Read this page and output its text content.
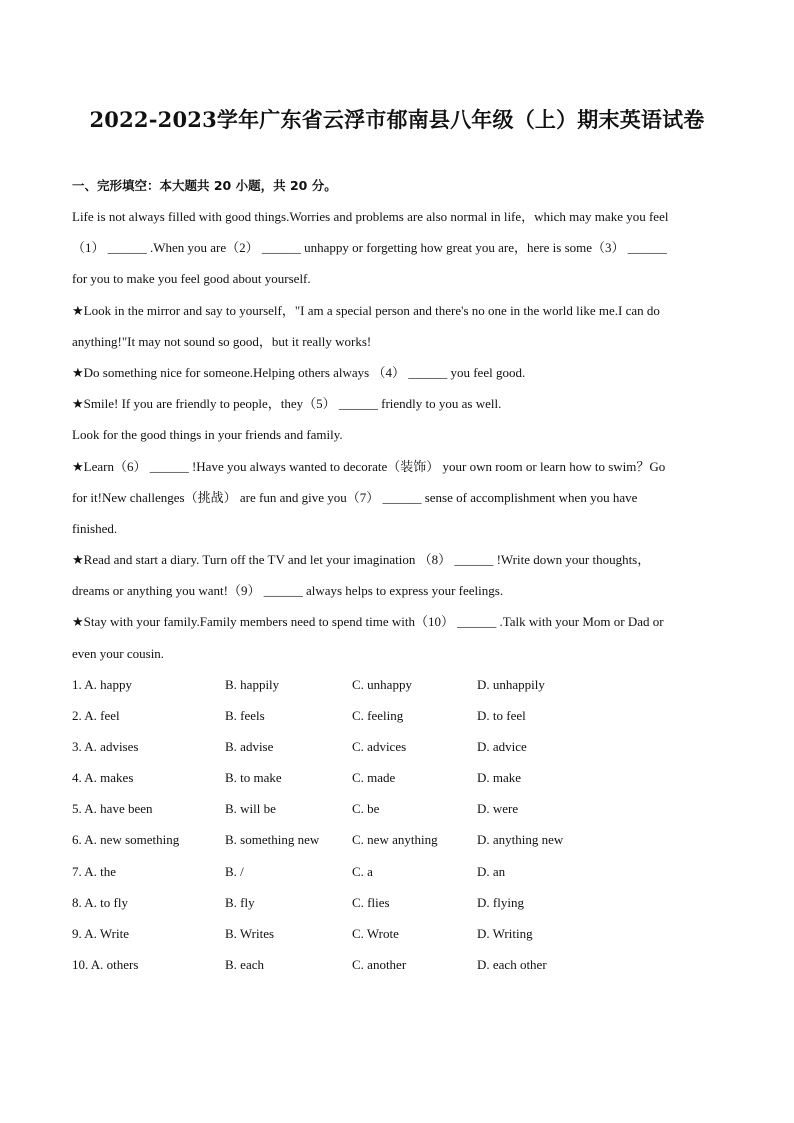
2022-2023学年广东省云浮市郁南县八年级（上）期末英语试卷
一、完形填空：本大题共 20 小题，共 20 分。
Life is not always filled with good things.Worries and problems are also normal in life，which may make you feel
（1） ______ .When you are（2） ______ unhappy or forgetting how great you are，here is some（3） ______
for you to make you feel good about yourself.
★Look in the mirror and say to yourself，"I am a special person and there's no one in the world like me.I can do
anything!"It may not sound so good，but it really works!
★Do something nice for someone.Helping others always （4） ______ you feel good.
★Smile! If you are friendly to people，they（5） ______ friendly to you as well.
Look for the good things in your friends and family.
★Learn（6） ______ !Have you always wanted to decorate（装饰） your own room or learn how to swim？Go
for it!New challenges（挑战） are fun and give you（7） ______ sense of accomplishment when you have
finished.
★Read and start a diary. Turn off the TV and let your imagination （8） ______ !Write down your thoughts，
dreams or anything you want!（9） ______ always helps to express your feelings.
★Stay with your family.Family members need to spend time with（10） ______ .Talk with your Mom or Dad or
even your cousin.
1. A. happy	B. happily	C. unhappy	D. unhappily
2. A. feel	B. feels	C. feeling	D. to feel
3. A. advises	B. advise	C. advices	D. advice
4. A. makes	B. to make	C. made	D. make
5. A. have been	B. will be	C. be	D. were
6. A. new something	B. something new	C. new anything	D. anything new
7. A. the	B. /	C. a	D. an
8. A. to fly	B. fly	C. flies	D. flying
9. A. Write	B. Writes	C. Wrote	D. Writing
10. A. others	B. each	C. another	D. each other
